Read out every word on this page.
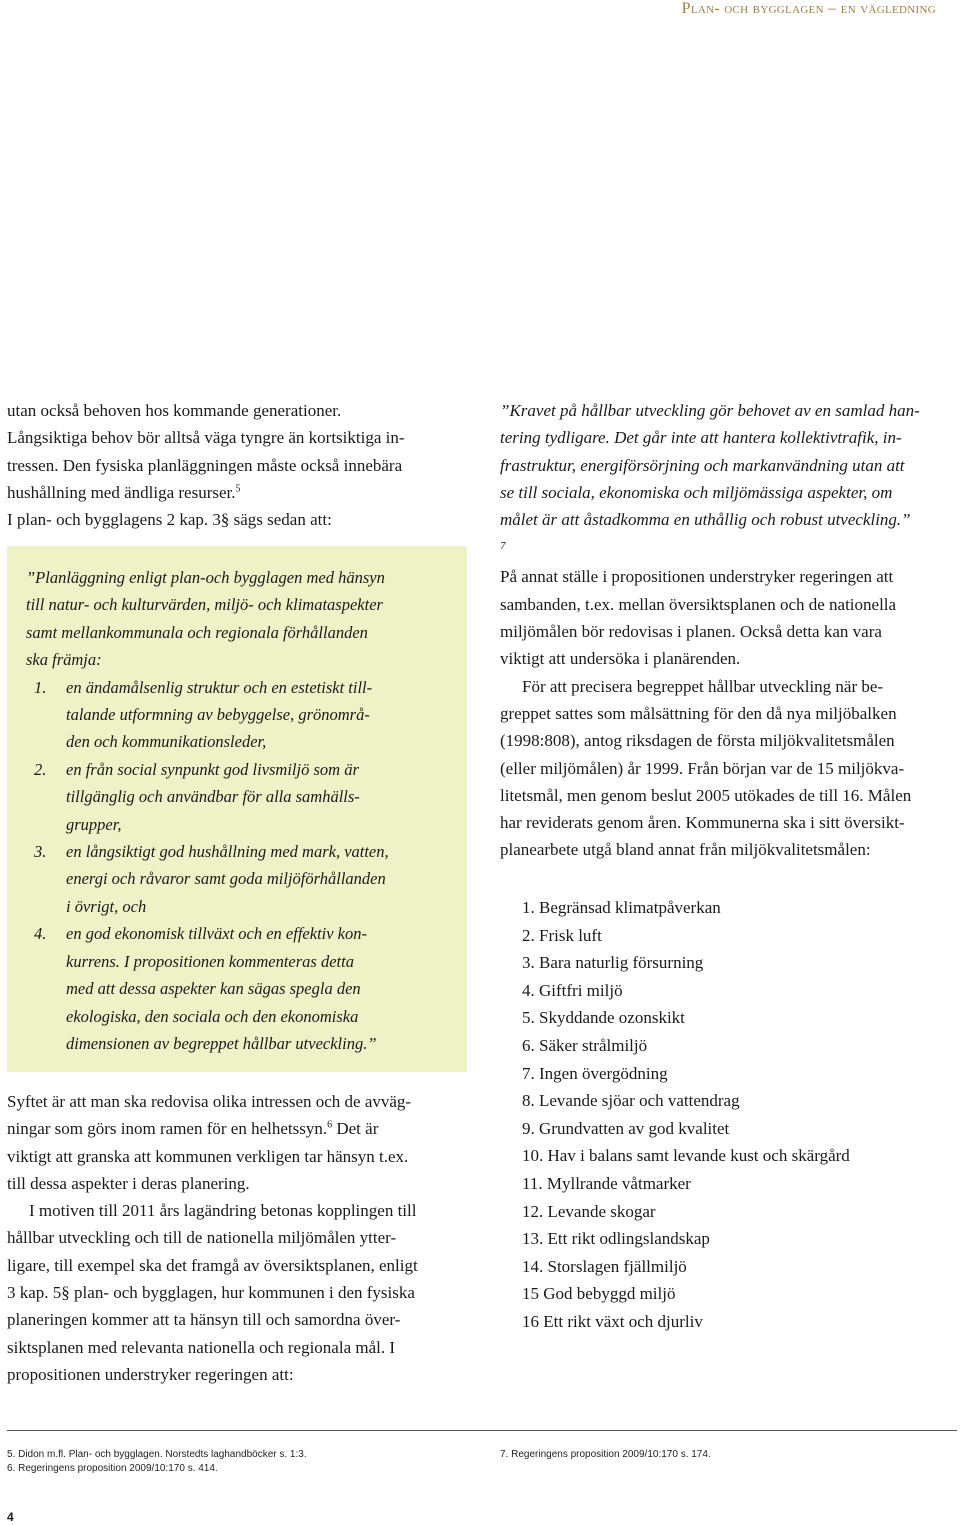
Plan- och bygglagen – en vägledning
utan också behoven hos kommande generationer.
Långsiktiga behov bör alltså väga tyngre än kortsiktiga in-
tressen. Den fysiska planläggningen måste också innebära
hushållning med ändliga resurser.$^5$
I plan- och bygglagens 2 kap. 3§ sägs sedan att:
”Planläggning enligt plan-och bygglagen med hänsyn
till natur- och kulturvärden, miljö- och klimataspekter
samt mellankommunala och regionala förhållanden
ska främja:
1.	en ändamålsenlig struktur och en estetiskt till-
talande utformning av bebyggelse, grönområ-
den och kommunikationsleder,
2.	en från social synpunkt god livsmiljö som är
tillgänglig och användbar för alla samhälls-
grupper,
3.	en långsiktigt god hushållning med mark, vatten,
energi och råvaror samt goda miljöförhållanden
i övrigt, och
4.	en god ekonomisk tillväxt och en effektiv kon-
kurrens. I propositionen kommenteras detta
med att dessa aspekter kan sägas spegla den
ekologiska, den sociala och den ekonomiska
dimensionen av begreppet hållbar utveckling.”
Syftet är att man ska redovisa olika intressen och de avväg-
ningar som görs inom ramen för en helhetssyn.$^6$ Det är
viktigt att granska att kommunen verkligen tar hänsyn t.ex.
till dessa aspekter i deras planering.
I motiven till 2011 års lagändring betonas kopplingen till
hållbar utveckling och till de nationella miljömålen ytter-
ligare, till exempel ska det framgå av översiktsplanen, enligt
3 kap. 5§ plan- och bygglagen, hur kommunen i den fysiska
planeringen kommer att ta hänsyn till och samordna över-
siktsplanen med relevanta nationella och regionala mål. I
propositionen understryker regeringen att:
”Kravet på hållbar utveckling gör behovet av en samlad han-
tering tydligare. Det går inte att hantera kollektivtrafik, in-
frastruktur, energiförsörjning och markanvändning utan att
se till sociala, ekonomiska och miljömässiga aspekter, om
målet är att åstadkomma en uthållig och robust utveckling.”
7
På annat ställe i propositionen understryker regeringen att
sambanden, t.ex. mellan översiktsplanen och de nationella
miljömålen bör redovisas i planen. Också detta kan vara
viktigt att undersöka i planärenden.
För att precisera begreppet hållbar utveckling när be-
greppet sattes som målsättning för den då nya miljöbalken
(1998:808), antog riksdagen de första miljökvalitetsmålen
(eller miljömålen) år 1999. Från början var de 15 miljökva-
litetsmål, men genom beslut 2005 utökades de till 16. Målen
har reviderats genom åren. Kommunerna ska i sitt översikt-
planearbete utgå bland annat från miljökvalitetsmålen:
1. Begränsad klimatpåverkan
2. Frisk luft
3. Bara naturlig försurning
4. Giftfri miljö
5. Skyddande ozonskikt
6. Säker strålmiljö
7. Ingen övergödning
8. Levande sjöar och vattendrag
9. Grundvatten av god kvalitet
10. Hav i balans samt levande kust och skärgård
11. Myllrande våtmarker
12. Levande skogar
13. Ett rikt odlingslandskap
14. Storslagen fjällmiljö
15 God bebyggd miljö
16 Ett rikt växt och djurliv
5. Didon m.fl. Plan- och bygglagen. Norstedts laghandböcker s. 1:3.
6. Regeringens proposition 2009/10:170 s. 414.
7. Regeringens proposition 2009/10:170 s. 174.
4
